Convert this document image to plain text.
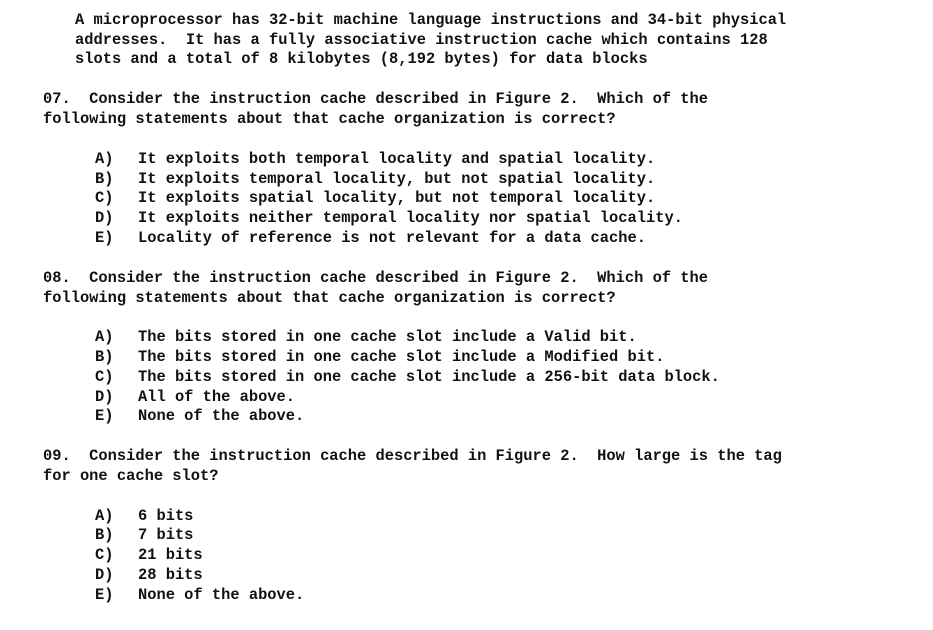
A microprocessor has 32-bit machine language instructions and 34-bit physical
addresses.  It has a fully associative instruction cache which contains 128
slots and a total of 8 kilobytes (8,192 bytes) for data blocks
07.  Consider the instruction cache described in Figure 2.  Which of the
following statements about that cache organization is correct?
A) It exploits both temporal locality and spatial locality.
B) It exploits temporal locality, but not spatial locality.
C) It exploits spatial locality, but not temporal locality.
D) It exploits neither temporal locality nor spatial locality.
E) Locality of reference is not relevant for a data cache.
08.  Consider the instruction cache described in Figure 2.  Which of the
following statements about that cache organization is correct?
A) The bits stored in one cache slot include a Valid bit.
B) The bits stored in one cache slot include a Modified bit.
C) The bits stored in one cache slot include a 256-bit data block.
D) All of the above.
E) None of the above.
09.  Consider the instruction cache described in Figure 2.  How large is the tag
for one cache slot?
A) 6 bits
B) 7 bits
C) 21 bits
D) 28 bits
E) None of the above.
